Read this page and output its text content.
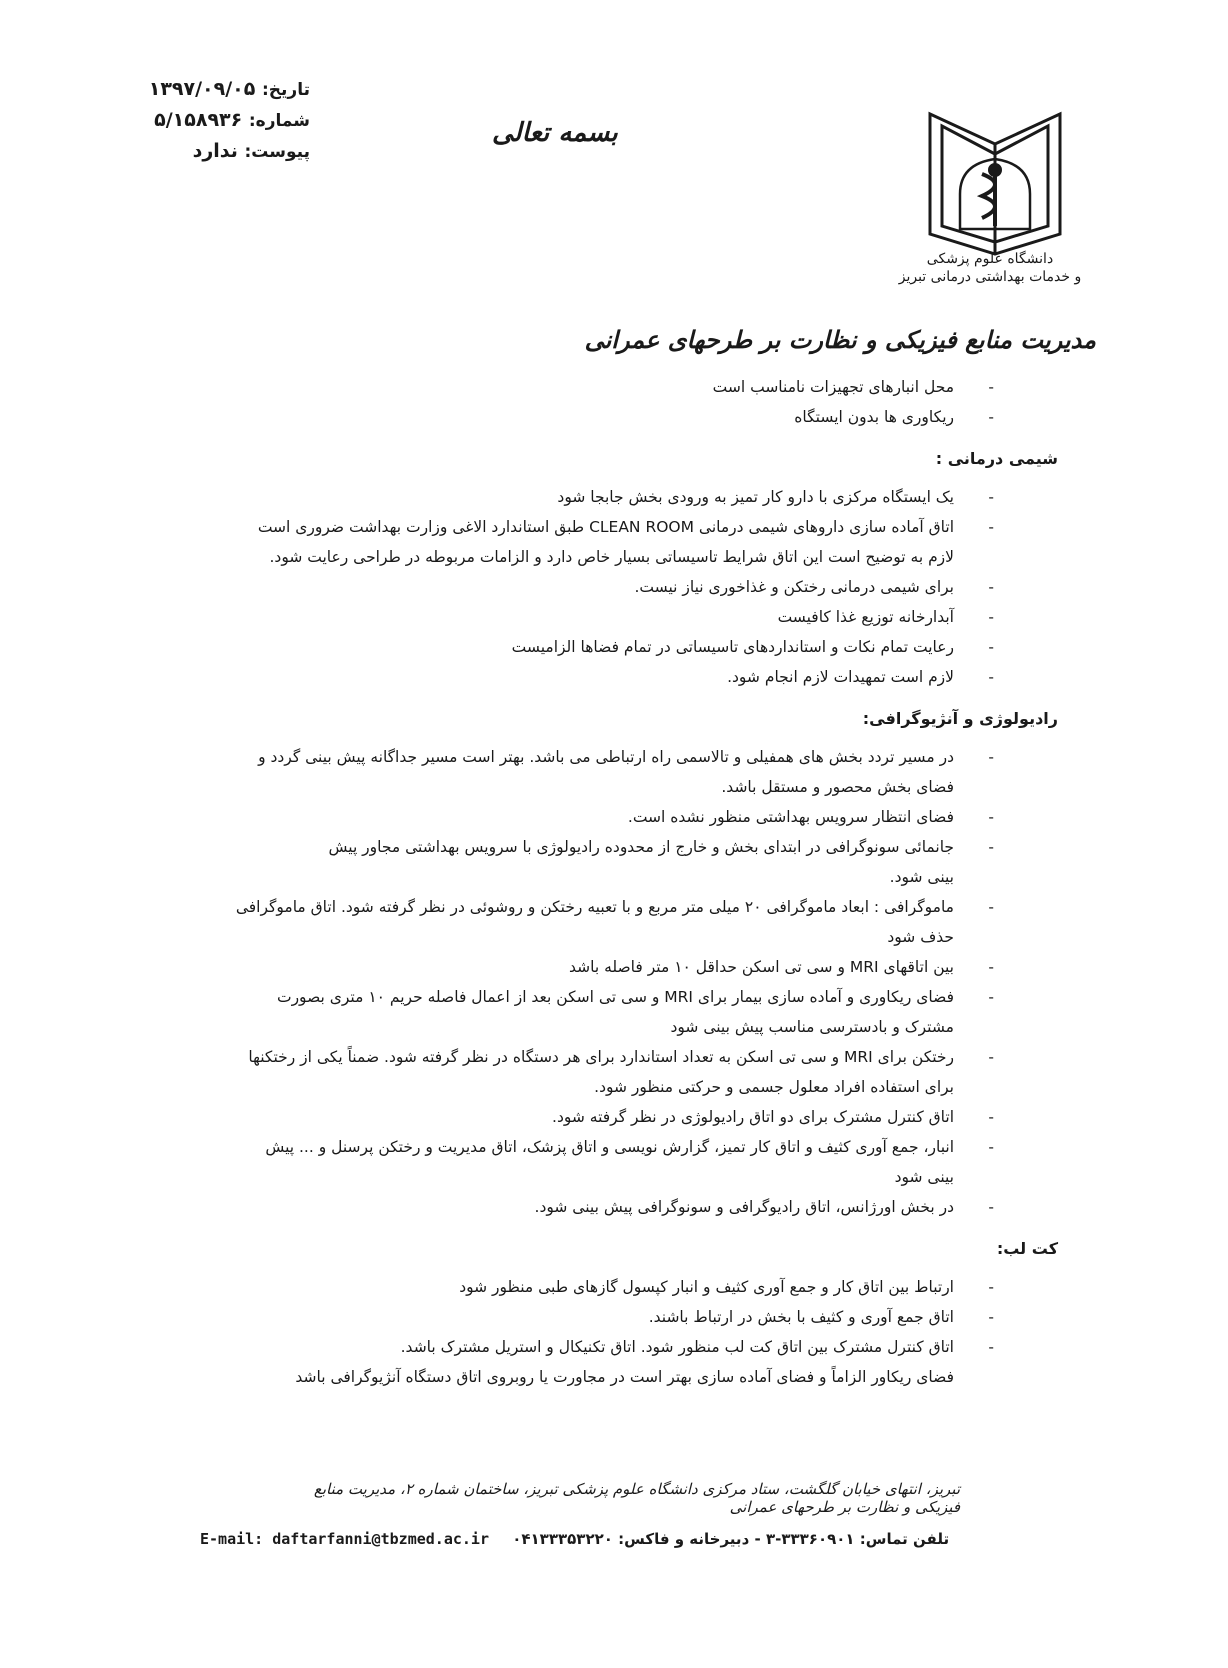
تاریخ: ۱۳۹۷/۰۹/۰۵
شماره: ۵/۱۵۸۹۳۶
پیوست: ندارد
بسمه تعالی
دانشگاه علوم پزشکی
و خدمات بهداشتی درمانی تبریز
مدیریت منابع فیزیکی و نظارت بر طرحهای عمرانی
-
محل انبارهای تجهیزات نامناسب است
-
ریکاوری ها بدون ایستگاه
شیمی درمانی :
-
یک ایستگاه مرکزی با دارو کار تمیز به ورودی بخش جابجا شود
-
اتاق آماده سازی داروهای شیمی درمانی CLEAN ROOM طبق استاندارد الاغی وزارت بهداشت ضروری است
لازم به توضیح است این اتاق شرایط تاسیساتی بسیار خاص دارد و الزامات مربوطه در طراحی رعایت شود.
-
برای شیمی درمانی رختکن و غذاخوری نیاز نیست.
-
آبدارخانه توزیع غذا کافیست
-
رعایت تمام نکات و استانداردهای تاسیساتی در تمام فضاها الزامیست
-
لازم است تمهیدات لازم انجام شود.
رادیولوژی و آنژیوگرافی:
-
در مسیر تردد بخش های همفیلی و تالاسمی راه ارتباطی می باشد. بهتر است مسیر جداگانه پیش بینی گردد و
فضای بخش محصور و مستقل باشد.
-
فضای انتظار سرویس بهداشتی منظور نشده است.
-
جانمائی سونوگرافی در ابتدای بخش و خارج از محدوده رادیولوژی با سرویس بهداشتی مجاور پیش
بینی شود.
-
ماموگرافی : ابعاد ماموگرافی ۲۰ میلی متر مربع و با تعبیه رختکن و روشوئی در نظر گرفته شود. اتاق ماموگرافی
حذف شود
-
بین اتاقهای MRI و سی تی اسکن حداقل ۱۰ متر فاصله باشد
-
فضای ریکاوری و آماده سازی بیمار برای MRI و سی تی اسکن بعد از اعمال فاصله حریم ۱۰ متری بصورت
مشترک و بادسترسی مناسب پیش بینی شود
-
رختکن برای MRI و سی تی اسکن به تعداد استاندارد برای هر دستگاه در نظر گرفته شود. ضمناً یکی از رختکنها
برای استفاده افراد معلول جسمی و حرکتی منظور شود.
-
اتاق کنترل مشترک برای دو اتاق رادیولوژی در نظر گرفته شود.
-
انبار، جمع آوری کثیف و اتاق کار تمیز، گزارش نویسی و اتاق پزشک، اتاق مدیریت و رختکن پرسنل و ... پیش
بینی شود
-
در بخش اورژانس، اتاق رادیوگرافی و سونوگرافی پیش بینی شود.
کت لب:
-
ارتباط بین اتاق کار و جمع آوری کثیف و انبار کپسول گازهای طبی منظور شود
-
اتاق جمع آوری و کثیف با بخش در ارتباط باشند.
-
اتاق کنترل مشترک بین اتاق کت لب منظور شود. اتاق تکنیکال و استریل مشترک باشد.
فضای ریکاور الزاماً و فضای آماده سازی بهتر است در مجاورت یا روبروی اتاق دستگاه آنژیوگرافی باشد
تبریز، انتهای خیابان گلگشت، ستاد مرکزی دانشگاه علوم پزشکی تبریز، ساختمان شماره ۲، مدیریت منابع فیزیکی و نظارت بر طرحهای عمرانی
E-mail: daftarfanni@tbzmed.ac.ir تلفن تماس: ۳۳۳۶۰۹۰۱-۳ - دبیرخانه و فاکس: ۰۴۱۳۳۳۵۳۲۲۰
